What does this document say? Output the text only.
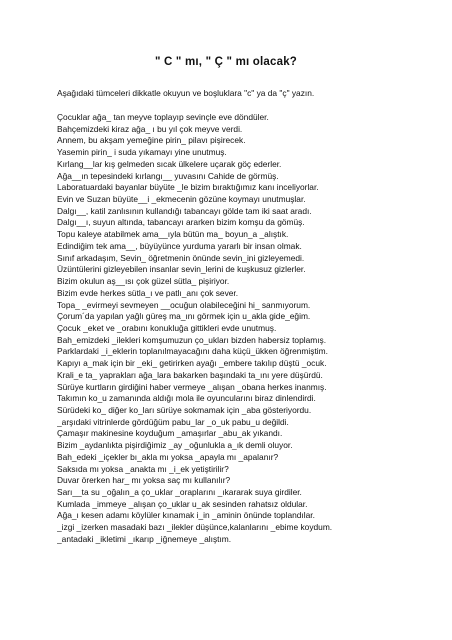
" C " mı, " Ç " mı olacak?
Aşağıdaki tümceleri dikkatle okuyun ve boşluklara "c" ya da "ç" yazın.
Çocuklar ağa_ tan meyve toplayıp sevinçle eve döndüler.
Bahçemizdeki kiraz ağa_ ı bu yıl çok meyve verdi.
Annem, bu akşam yemeğine pirin_ pilavı pişirecek.
Yasemin pirin_ i suda yıkamayı yine unutmuş.
Kırlang__lar kış gelmeden sıcak ülkelere uçarak göç ederler.
Ağa__ın tepesindeki kırlangı__ yuvasını Cahide de görmüş.
Laboratuardaki bayanlar büyüte _le bizim bıraktığımız kanı inceliyorlar.
Evin ve Suzan büyüte__i _ekmecenin gözüne koymayı unutmuşlar.
Dalgı__, katil zanlısının kullandığı tabancayı gölde tam iki saat aradı.
Dalgı__ı, suyun altında, tabancayı ararken bizim komşu da gömüş.
Topu kaleye atabilmek ama__ıyla bütün ma_ boyun_a _alıştık.
Edindiğim tek ama__, büyüyünce yurduma yararlı bir insan olmak.
Sınıf arkadaşım, Sevin_ öğretmenin önünde sevin_ini gizleyemedi.
Üzüntülerini gizleyebilen insanlar sevin_lerini de kuşkusuz gizlerler.
Bizim okulun aş__ısı çok güzel sütla_ pişiriyor.
Bizim evde herkes sütla_ı ve patlı_anı çok sever.
Topa_ _evirmeyi sevmeyen __ocuğun olabileceğini hi_ sanmıyorum.
Çorum´da yapılan yağlı güreş ma_ını görmek için u_akla gide_eğim.
Çocuk _eket ve _orabını konukluğa gittikleri evde unutmuş.
Bah_emizdeki _ilekleri komşumuzun ço_ukları bizden habersiz toplamış.
Parklardaki _i_eklerin toplanılmayacağını daha küçü_ükken öğrenmiştim.
Kapıyı a_mak için bir _eki_ getirirken ayağı _embere takılıp düştü _ocuk.
Krali_e ta_ yaprakları ağa_lara bakarken başındaki ta_ını yere düşürdü.
Sürüye kurtların girdiğini haber vermeye _alışan _obana herkes inanmış.
Takımın ko_u zamanında aldığı mola ile oyuncularını biraz dinlendirdi.
Sürüdeki ko_ diğer ko_ları sürüye sokmamak için _aba gösteriyordu.
_arşıdaki vitrinlerde gördüğüm pabu_lar _o_uk pabu_u değildi.
Çamaşır makinesine koyduğum _amaşırlar _abu_ak yıkandı.
Bizim _aydanlıkta pişirdiğimiz _ay _oğunlukla a_ık demli oluyor.
Bah_edeki _içekler bı_akla mı yoksa _apayla mı _apalanır?
Saksıda mı yoksa _anakta mı _i_ek yetiştirilir?
Duvar örerken har_ mı yoksa saç mı kullanılır?
Sarı__ta su _oğalın_a ço_uklar _oraplarını _ıkararak suya girdiler.
Kumlada _immeye _alışan ço_uklar u_ak sesinden rahatsız oldular.
Ağa_ı kesen adamı köylüler kınamak i_in _aminin önünde toplandılar.
_izgi _izerken masadaki bazı _ilekler düşünce,kalanlarını _ebime koydum.
_antadaki _ikletimi _ıkarıp _iğnemeye _alıştım.
